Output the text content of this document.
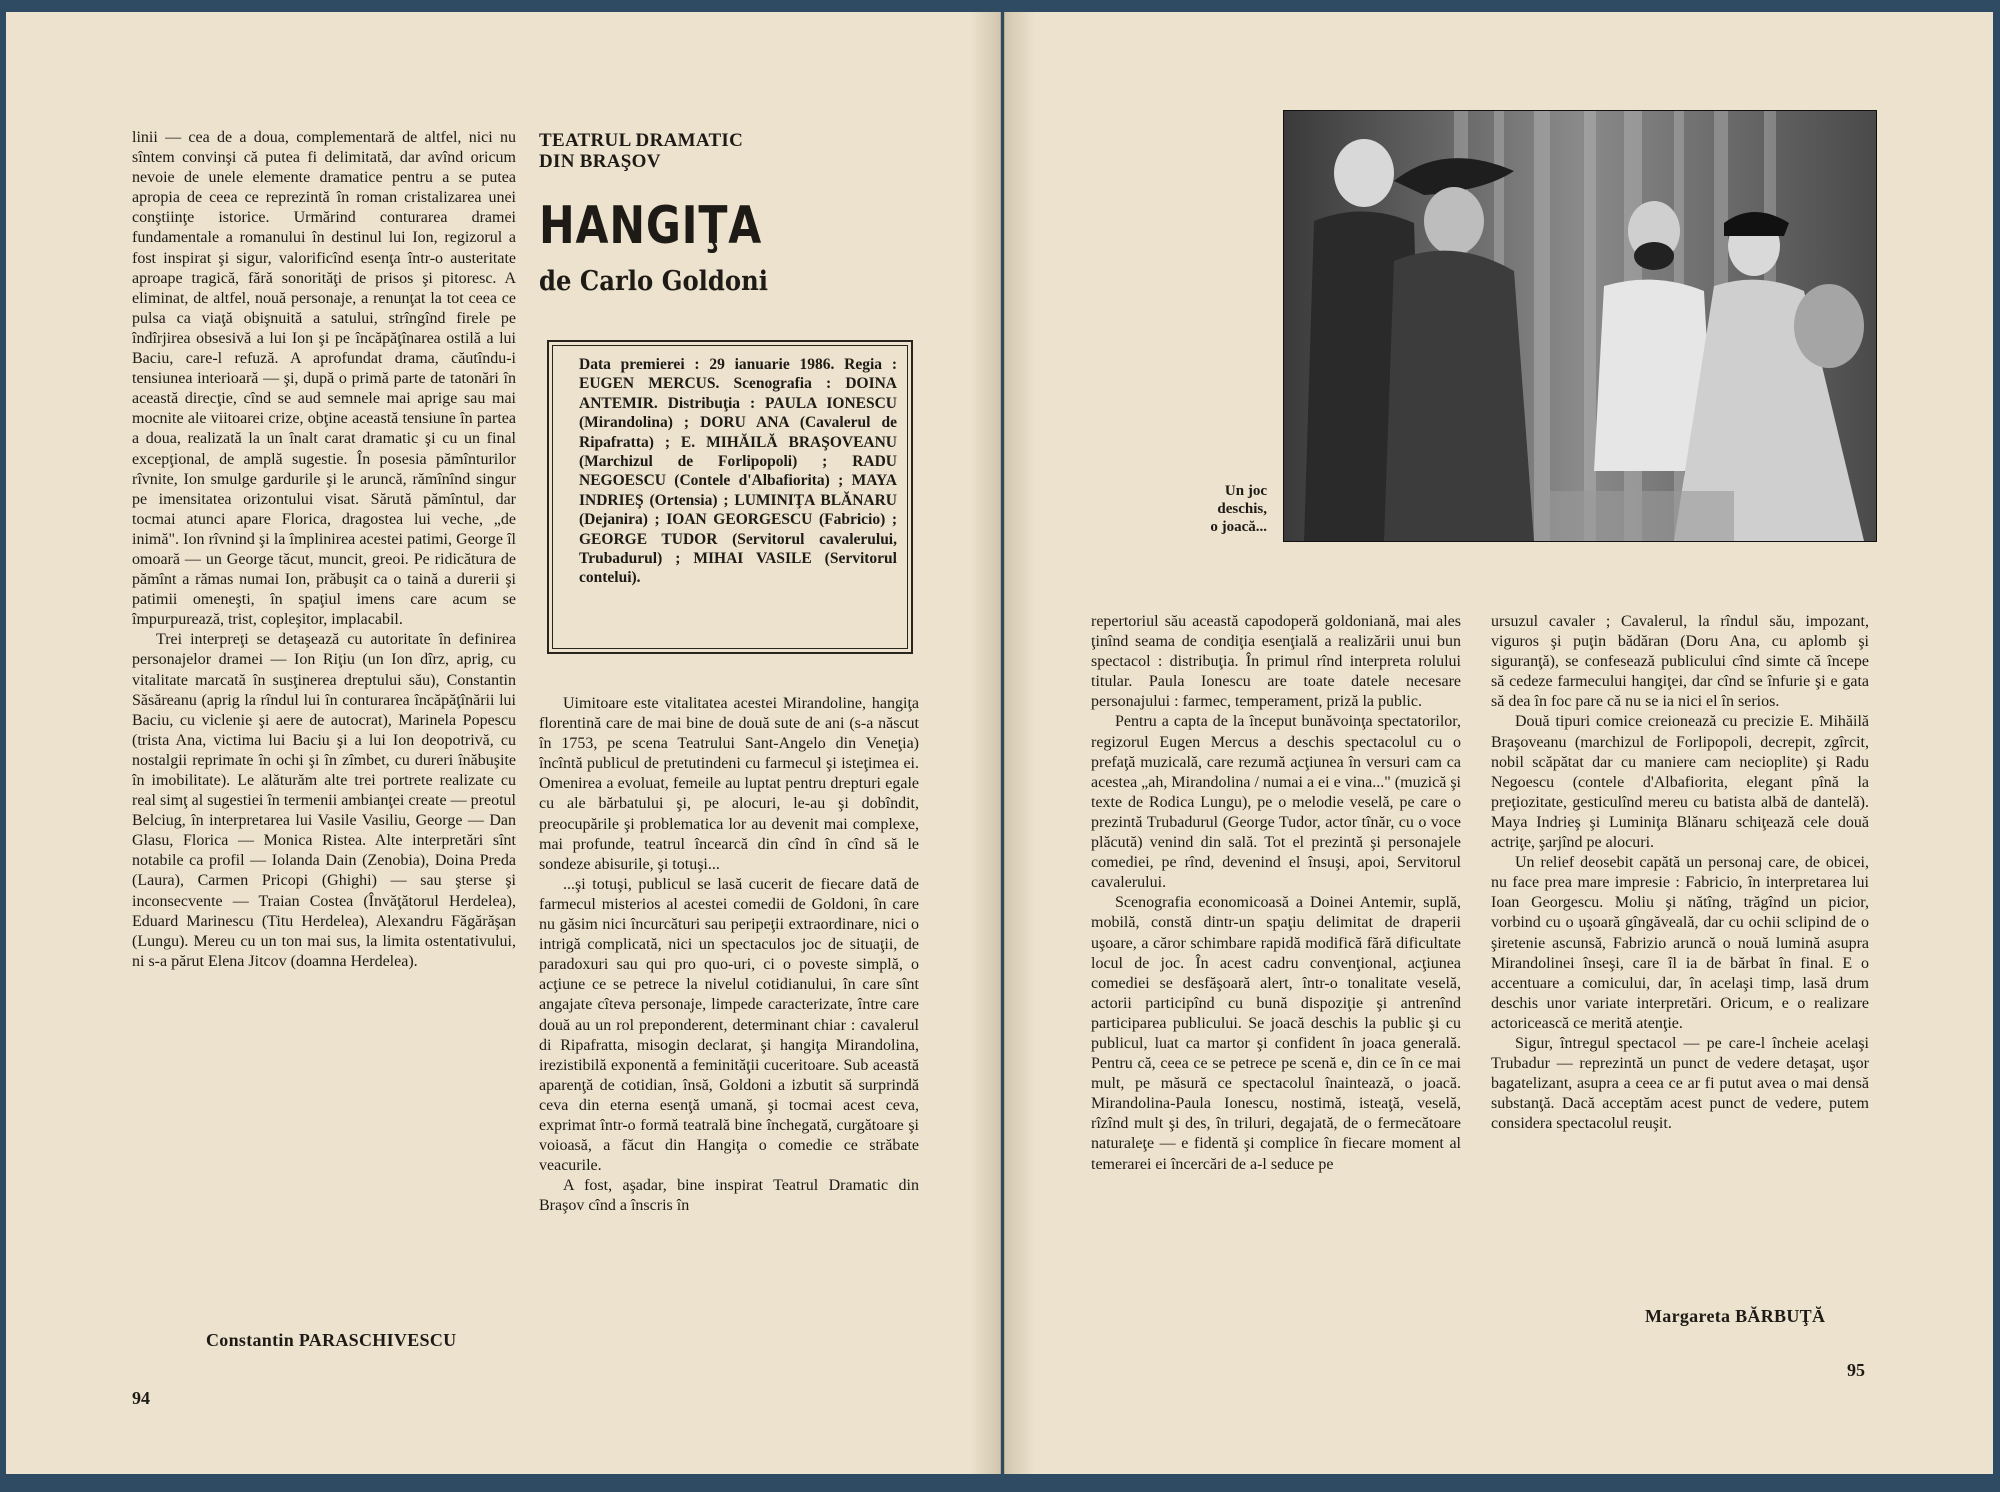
linii — cea de a doua, complementară de altfel, nici nu sîntem convinşi că putea fi delimitată, dar avînd oricum nevoie de unele elemente dramatice pentru a se putea apropia de ceea ce reprezintă în roman cristalizarea unei conştiinţe istorice. Urmărind conturarea dramei fundamentale a romanului în destinul lui Ion, regizorul a fost inspirat şi sigur, valorificînd esenţa într-o austeritate aproape tragică, fără sonorităţi de prisos şi pitoresc. A eliminat, de altfel, nouă personaje, a renunţat la tot ceea ce pulsa ca viaţă obişnuită a satului, strîngînd firele pe îndîrjirea obsesivă a lui Ion şi pe încăpăţînarea ostilă a lui Baciu, care-l refuză. A aprofundat drama, căutîndu-i tensiunea interioară — şi, după o primă parte de tatonări în această direcţie, cînd se aud semnele mai aprige sau mai mocnite ale viitoarei crize, obţine această tensiune în partea a doua, realizată la un înalt carat dramatic şi cu un final excepţional, de amplă sugestie. În posesia pămînturilor rîvnite, Ion smulge gardurile şi le aruncă, rămînînd singur pe imensitatea orizontului visat. Sărută pămîntul, dar tocmai atunci apare Florica, dragostea lui veche, „de inimă". Ion rîvnind şi la împlinirea acestei patimi, George îl omoară — un George tăcut, muncit, greoi. Pe ridicătura de pămînt a rămas numai Ion, prăbuşit ca o taină a durerii şi patimii omeneşti, în spaţiul imens care acum se împurpurează, trist, copleşitor, implacabil.

Trei interpreţi se detaşează cu autoritate în definirea personajelor dramei — Ion Riţiu (un Ion dîrz, aprig, cu vitalitate marcată în susţinerea dreptului său), Constantin Săsăreanu (aprig la rîndul lui în conturarea încăpăţînării lui Baciu, cu viclenie şi aere de autocrat), Marinela Popescu (trista Ana, victima lui Baciu şi a lui Ion deopotrivă, cu nostalgii reprimate în ochi şi în zîmbet, cu dureri înăbuşite în imobilitate). Le alăturăm alte trei portrete realizate cu real simţ al sugestiei în termenii ambianţei create — preotul Belciug, în interpretarea lui Vasile Vasiliu, George — Dan Glasu, Florica — Monica Ristea. Alte interpretări sînt notabile ca profil — Iolanda Dain (Zenobia), Doina Preda (Laura), Carmen Pricopi (Ghighi) — sau şterse şi inconsecvente — Traian Costea (Învăţătorul Herdelea), Eduard Marinescu (Titu Herdelea), Alexandru Făgărăşan (Lungu). Mereu cu un ton mai sus, la limita ostentativului, ni s-a părut Elena Jitcov (doamna Herdelea).

Constantin PARASCHIVESCU
94
TEATRUL DRAMATIC
DIN BRAŞOV
HANGIŢA
de Carlo Goldoni
Data premierei : 29 ianuarie 1986. Regia : EUGEN MERCUS. Scenografia : DOINA ANTEMIR. Distribuţia : PAULA IONESCU (Mirandolina) ; DORU ANA (Cavalerul de Ripafratta) ; E. MIHĂILĂ BRAŞOVEANU (Marchizul de Forlipopoli) ; RADU NEGOESCU (Contele d'Albafiorita) ; MAYA INDRIEŞ (Ortensia) ; LUMINIŢA BLĂNARU (Dejanira) ; IOAN GEORGESCU (Fabricio) ; GEORGE TUDOR (Servitorul cavalerului, Trubadurul) ; MIHAI VASILE (Servitorul contelui).

Uimitoare este vitalitatea acestei Mirandoline, hangiţa florentină care de mai bine de două sute de ani (s-a născut în 1753, pe scena Teatrului Sant-Angelo din Veneţia) încîntă publicul de pretutindeni cu farmecul şi isteţimea ei. Omenirea a evoluat, femeile au luptat pentru drepturi egale cu ale bărbatului şi, pe alocuri, le-au şi dobîndit, preocupările şi problematica lor au devenit mai complexe, mai profunde, teatrul încearcă din cînd în cînd să le sondeze abisurile, şi totuşi...

...şi totuşi, publicul se lasă cucerit de fiecare dată de farmecul misterios al acestei comedii de Goldoni, în care nu găsim nici încurcături sau peripeţii extraordinare, nici o intrigă complicată, nici un spectaculos joc de situaţii, de paradoxuri sau qui pro quo-uri, ci o poveste simplă, o acţiune ce se petrece la nivelul cotidianului, în care sînt angajate cîteva personaje, limpede caracterizate, între care două au un rol preponderent, determinant chiar : cavalerul di Ripafratta, misogin declarat, şi hangiţa Mirandolina, irezistibilă exponentă a feminităţii cuceritoare. Sub această aparenţă de cotidian, însă, Goldoni a izbutit să surprindă ceva din eterna esenţă umană, şi tocmai acest ceva, exprimat într-o formă teatrală bine închegată, curgătoare şi voioasă, a făcut din Hangiţa o comedie ce străbate veacurile.

A fost, aşadar, bine inspirat Teatrul Dramatic din Braşov cînd a înscris în

Un joc
deschis,
o joacă...

repertoriul său această capodoperă goldoniană, mai ales ţinînd seama de condiţia esenţială a realizării unui bun spectacol : distribuţia. În primul rînd interpreta rolului titular. Paula Ionescu are toate datele necesare personajului : farmec, temperament, priză la public.

Pentru a capta de la început bunăvoinţa spectatorilor, regizorul Eugen Mercus a deschis spectacolul cu o prefaţă muzicală, care rezumă acţiunea în versuri cam ca acestea „ah, Mirandolina / numai a ei e vina..." (muzică şi texte de Rodica Lungu), pe o melodie veselă, pe care o prezintă Trubadurul (George Tudor, actor tînăr, cu o voce plăcută) venind din sală. Tot el prezintă şi personajele comediei, pe rînd, devenind el însuşi, apoi, Servitorul cavalerului.

Scenografia economicoasă a Doinei Antemir, suplă, mobilă, constă dintr-un spaţiu delimitat de draperii uşoare, a căror schimbare rapidă modifică fără dificultate locul de joc. În acest cadru convenţional, acţiunea comediei se desfăşoară alert, într-o tonalitate veselă, actorii participînd cu bună dispoziţie şi antrenînd participarea publicului. Se joacă deschis la public şi cu publicul, luat ca martor şi confident în joaca generală. Pentru că, ceea ce se petrece pe scenă e, din ce în ce mai mult, pe măsură ce spectacolul înaintează, o joacă. Mirandolina-Paula Ionescu, nostimă, isteaţă, veselă, rîzînd mult şi des, în triluri, degajată, de o fermecătoare naturaleţe — e fidentă şi complice în fiecare moment al temerarei ei încercări de a-l seduce pe

ursuzul cavaler ; Cavalerul, la rîndul său, impozant, viguros şi puţin bădăran (Doru Ana, cu aplomb şi siguranţă), se confesează publicului cînd simte că începe să cedeze farmecului hangiţei, dar cînd se înfurie şi e gata să dea în foc pare că nu se ia nici el în serios.

Două tipuri comice creionează cu precizie E. Mihăilă Braşoveanu (marchizul de Forlipopoli, decrepit, zgîrcit, nobil scăpătat dar cu maniere cam necioplite) şi Radu Negoescu (contele d'Albafiorita, elegant pînă la preţiozitate, gesticulînd mereu cu batista albă de dantelă). Maya Indrieş şi Luminiţa Blănaru schiţează cele două actriţe, şarjînd pe alocuri.

Un relief deosebit capătă un personaj care, de obicei, nu face prea mare impresie : Fabricio, în interpretarea lui Ioan Georgescu. Moliu şi nătîng, trăgînd un picior, vorbind cu o uşoară gîngăveală, dar cu ochii sclipind de o şiretenie ascunsă, Fabrizio aruncă o nouă lumină asupra Mirandolinei înseşi, care îl ia de bărbat în final. E o accentuare a comicului, dar, în acelaşi timp, lasă drum deschis unor variate interpretări. Oricum, e o realizare actoricească ce merită atenţie.

Sigur, întregul spectacol — pe care-l încheie acelaşi Trubadur — reprezintă un punct de vedere detaşat, uşor bagatelizant, asupra a ceea ce ar fi putut avea o mai densă substanţă. Dacă acceptăm acest punct de vedere, putem considera spectacolul reuşit.

Margareta BĂRBUŢĂ
95
